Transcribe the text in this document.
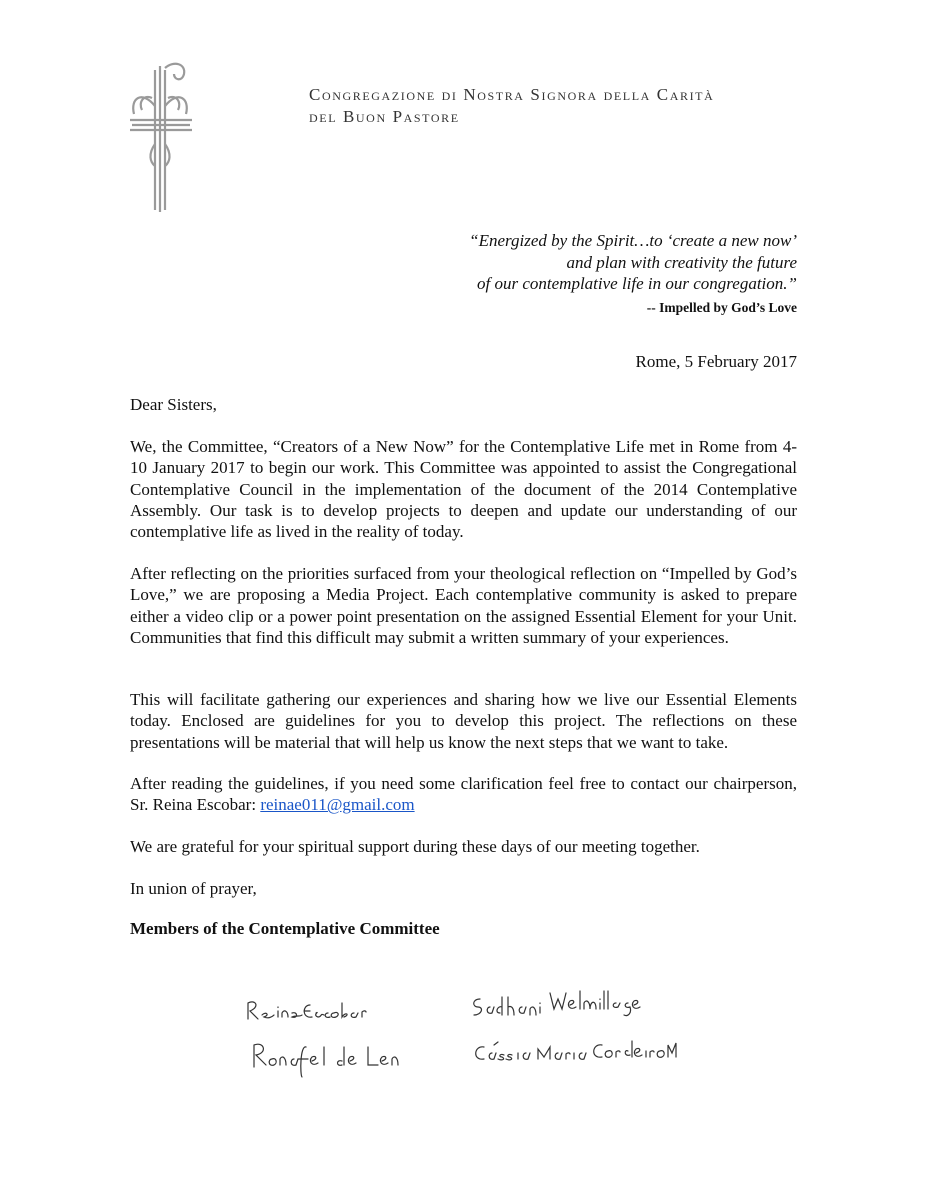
Congregazione di Nostra Signora della Carità
del Buon Pastore
“Energized by the Spirit…to ‘create a new now’
and plan with creativity the future
of our contemplative life in our congregation.”
-- Impelled by God’s Love
Rome, 5 February 2017

Dear Sisters,

We, the Committee, “Creators of a New Now” for the Contemplative Life met in Rome from 4-10 January 2017 to begin our work. This Committee was appointed to assist the Congregational Contemplative Council in the implementation of the document of the 2014 Contemplative Assembly. Our task is to develop projects to deepen and update our understanding of our contemplative life as lived in the reality of today.

After reflecting on the priorities surfaced from your theological reflection on “Impelled by God’s Love,” we are proposing a Media Project. Each contemplative community is asked to prepare either a video clip or a power point presentation on the assigned Essential Element for your Unit. Communities that find this difficult may submit a written summary of your experiences.

This will facilitate gathering our experiences and sharing how we live our Essential Elements today. Enclosed are guidelines for you to develop this project. The reflections on these presentations will be material that will help us know the next steps that we want to take.

After reading the guidelines, if you need some clarification feel free to contact our chairperson, Sr. Reina Escobar: reinae011@gmail.com

We are grateful for your spiritual support during these days of our meeting together.

In union of prayer,

Members of the Contemplative Committee
